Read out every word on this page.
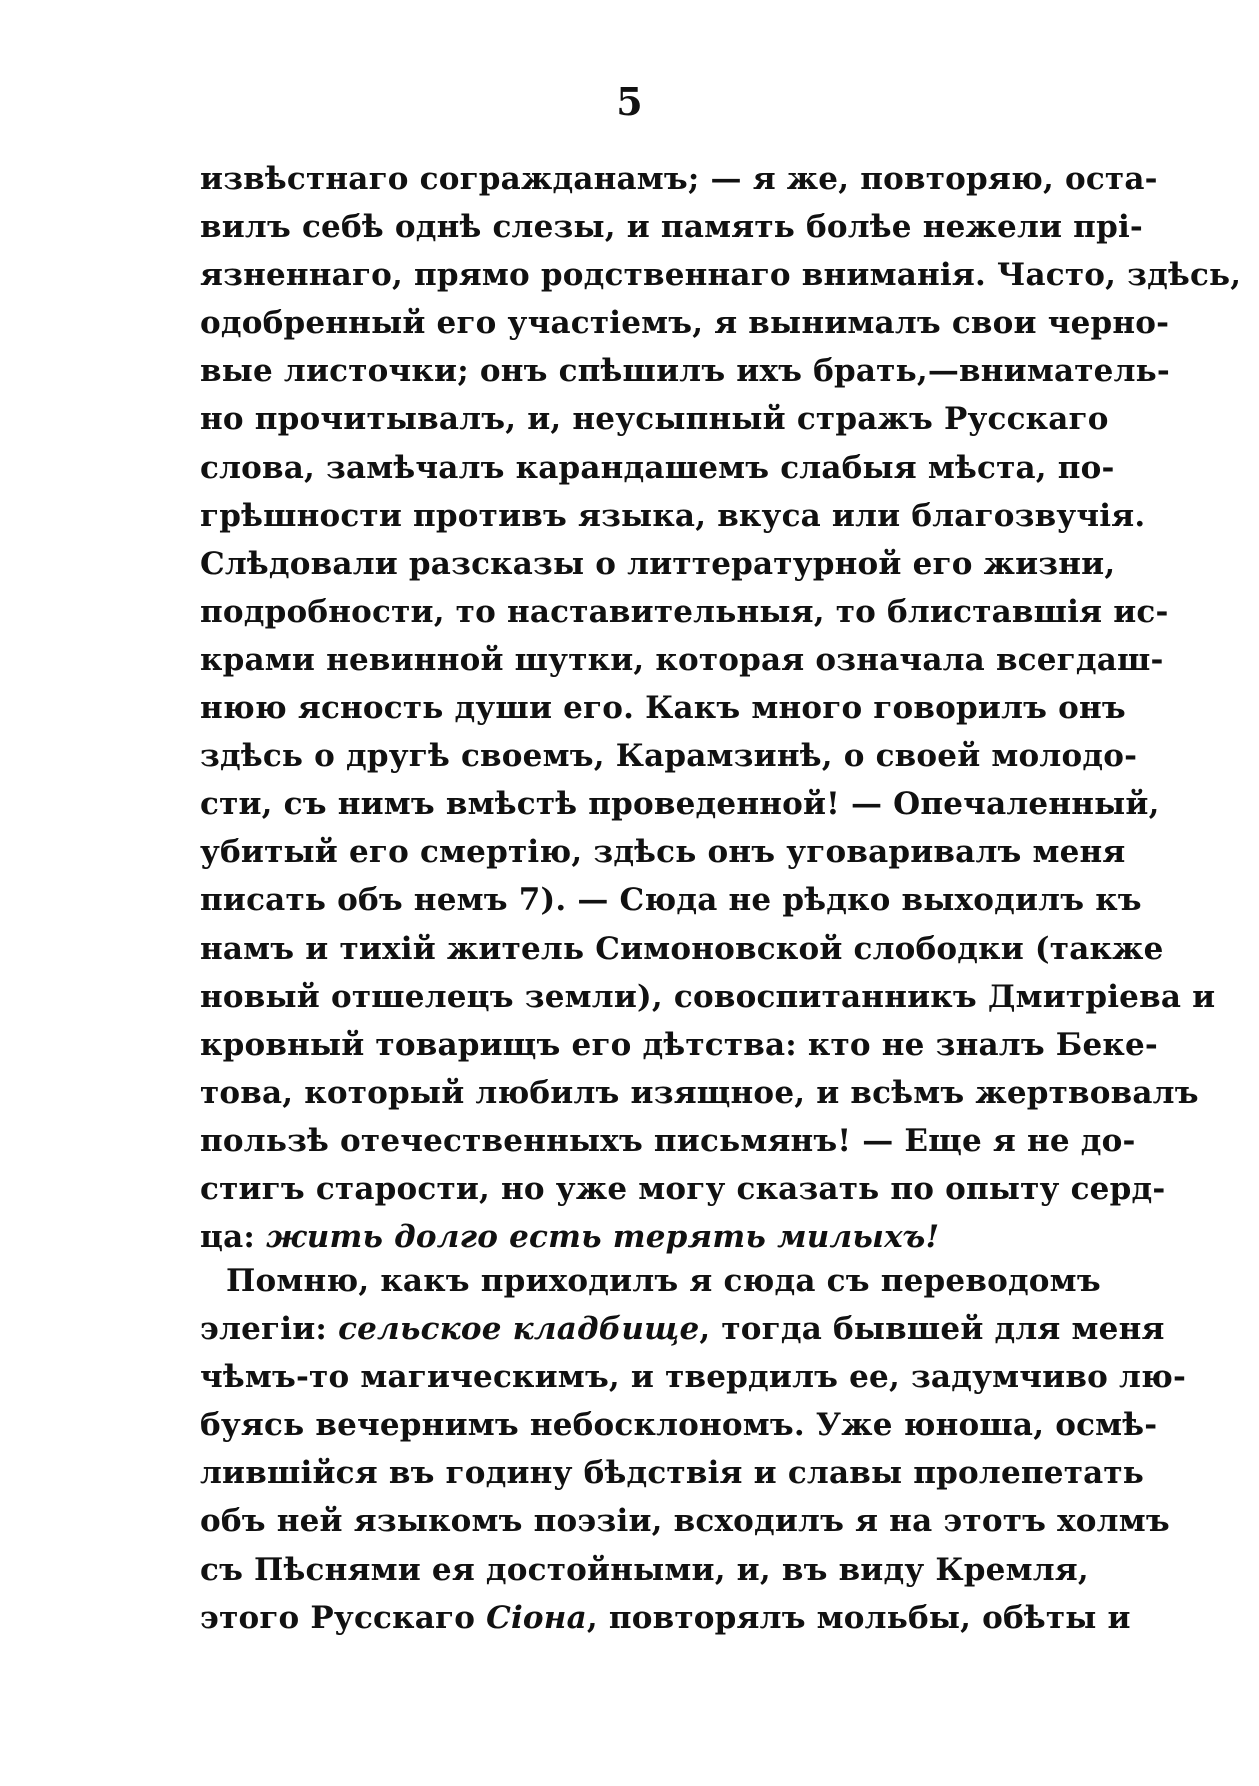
5
извѣстнаго согражданамъ; — я же, повторяю, оста-
вилъ себѣ однѣ слезы, и память болѣе нежели прі-
язненнаго, прямо родственнаго вниманія. Часто, здѣсь,
одобренный его участіемъ, я вынималъ свои черно-
вые листочки; онъ спѣшилъ ихъ брать,—вниматель-
но прочитывалъ, и, неусыпный стражъ Русскаго
слова, замѣчалъ карандашемъ слабыя мѣста, по-
грѣшности противъ языка, вкуса или благозвучія.
Слѣдовали разсказы о литтературной его жизни,
подробности, то наставительныя, то блиставшія ис-
крами невинной шутки, которая означала всегдаш-
нюю ясность души его. Какъ много говорилъ онъ
здѣсь о другѣ своемъ, Карамзинѣ, о своей молодо-
сти, съ нимъ вмѣстѣ проведенной! — Опечаленный,
убитый его смертію, здѣсь онъ уговаривалъ меня
писать объ немъ 7). — Сюда не рѣдко выходилъ къ
намъ и тихій житель Симоновской слободки (также
новый отшелецъ земли), совоспитанникъ Дмитріева и
кровный товарищъ его дѣтства: кто не зналъ Беке-
това, который любилъ изящное, и всѣмъ жертвовалъ
пользѣ отечественныхъ письмянъ! — Еще я не до-
стигъ старости, но уже могу сказать по опыту серд-
ца: жить долго есть терять милыхъ!
Помню, какъ приходилъ я сюда съ переводомъ
элегіи: сельское кладбище, тогда бывшей для меня
чѣмъ-то магическимъ, и твердилъ ее, задумчиво лю-
буясь вечернимъ небосклономъ. Уже юноша, осмѣ-
лившійся въ годину бѣдствія и славы пролепетать
объ ней языкомъ поэзіи, всходилъ я на этотъ холмъ
съ Пѣснями ея достойными, и, въ виду Кремля,
этого Русскаго Сіона, повторялъ мольбы, обѣты и
